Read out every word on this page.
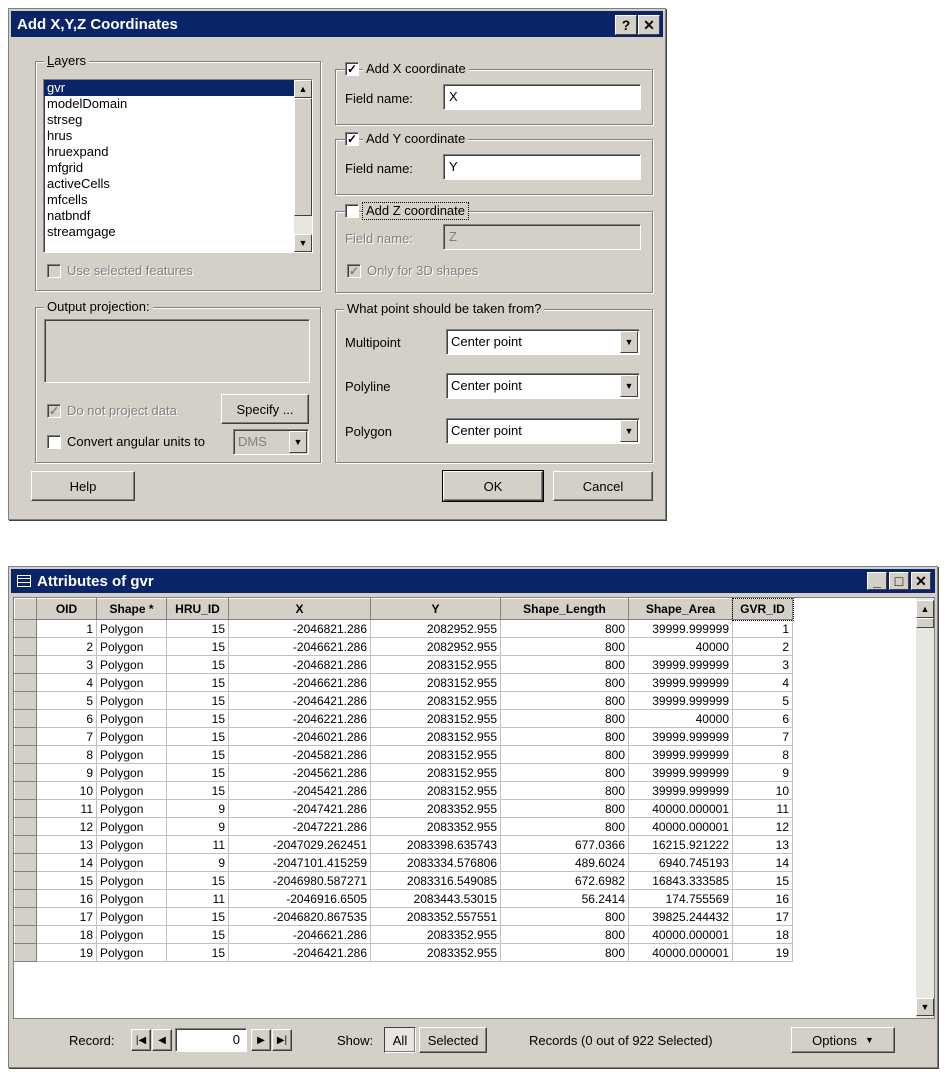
Add X,Y,Z Coordinates	? ✕
Layers
gvr
modelDomain
strseg
hrus
hruexpand
mfgrid
activeCells
mfcells
natbndf
streamgage
▲
▼
Use selected features
Output projection:
✓ Do not project data	Specify ...
Convert angular units to	DMS	▼
✓ Add X coordinate
Field name:	X
✓ Add Y coordinate
Field name:	Y
Add Z coordinate
Field name:	Z
✓ Only for 3D shapes
What point should be taken from?
Multipoint	Center point	▼
Polyline	Center point	▼
Polygon	Center point	▼
Help	OK	Cancel
Attributes of gvr	_ □ ✕
	OID	Shape *	HRU_ID	X	Y	Shape_Length	Shape_Area	GVR_ID	
	1	Polygon	15	-2046821.286	2082952.955	800	39999.999999	1	
	2	Polygon	15	-2046621.286	2082952.955	800	40000	2	
	3	Polygon	15	-2046821.286	2083152.955	800	39999.999999	3	
	4	Polygon	15	-2046621.286	2083152.955	800	39999.999999	4	
	5	Polygon	15	-2046421.286	2083152.955	800	39999.999999	5	
	6	Polygon	15	-2046221.286	2083152.955	800	40000	6	
	7	Polygon	15	-2046021.286	2083152.955	800	39999.999999	7	
	8	Polygon	15	-2045821.286	2083152.955	800	39999.999999	8	
	9	Polygon	15	-2045621.286	2083152.955	800	39999.999999	9	
	10	Polygon	15	-2045421.286	2083152.955	800	39999.999999	10	
	11	Polygon	9	-2047421.286	2083352.955	800	40000.000001	11	
	12	Polygon	9	-2047221.286	2083352.955	800	40000.000001	12	
	13	Polygon	11	-2047029.262451	2083398.635743	677.0366	16215.921222	13	
	14	Polygon	9	-2047101.415259	2083334.576806	489.6024	6940.745193	14	
	15	Polygon	15	-2046980.587271	2083316.549085	672.6982	16843.333585	15	
	16	Polygon	11	-2046916.6505	2083443.53015	56.2414	174.755569	16	
	17	Polygon	15	-2046820.867535	2083352.557551	800	39825.244432	17	
	18	Polygon	15	-2046621.286	2083352.955	800	40000.000001	18	
	19	Polygon	15	-2046421.286	2083352.955	800	40000.000001	19	
▲
▼
Record:	|◀	◀	0	▶	▶|	Show:	All	Selected	Records (0 out of 922 Selected)	Options ▼
